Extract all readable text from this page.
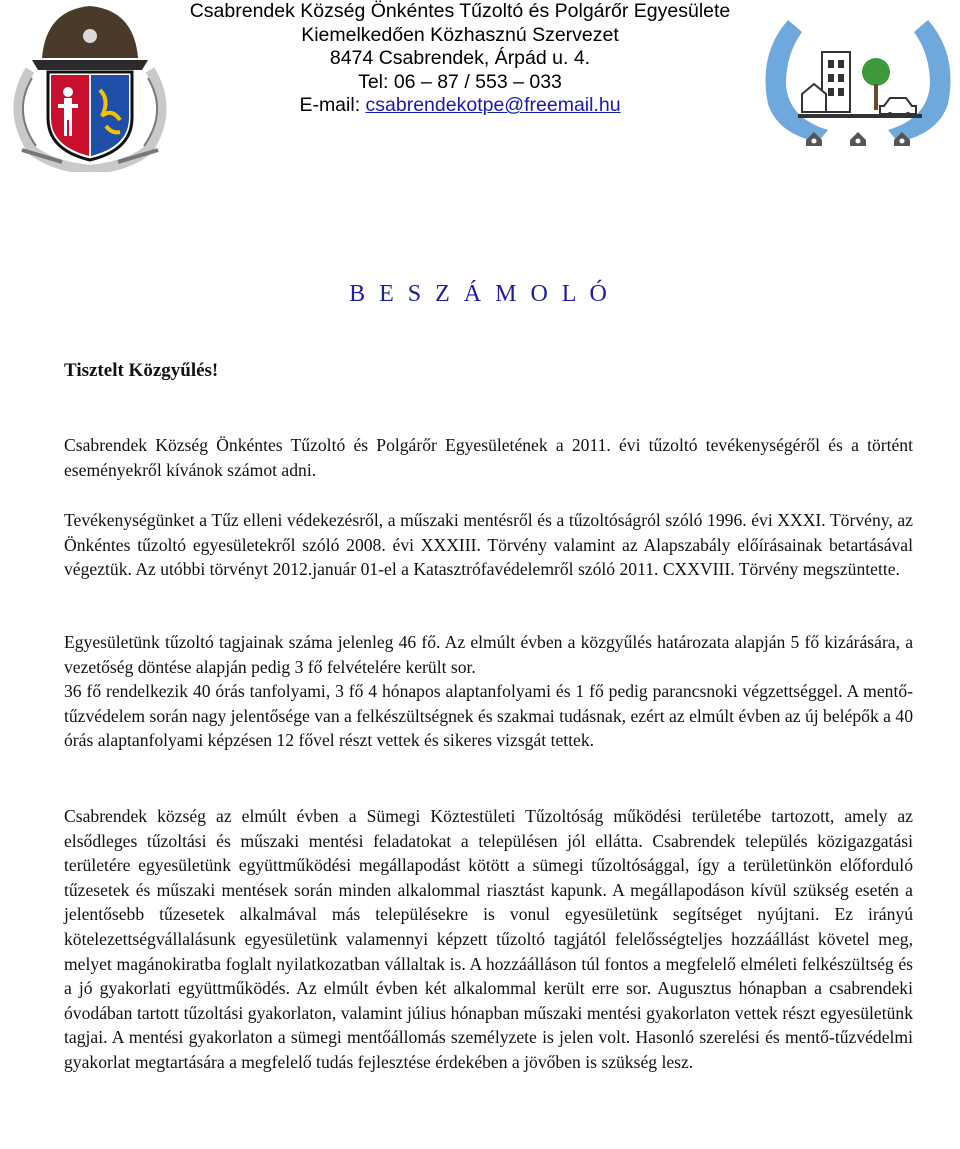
Csabrendek Község Önkéntes Tűzoltó és Polgárőr Egyesülete
Kiemelkedően Közhasznú Szervezet
8474 Csabrendek, Árpád u. 4.
Tel: 06 – 87 / 553 – 033
E-mail: csabrendekotpe@freemail.hu
B E S Z Á M O L Ó
Tisztelt Közgyűlés!

Csabrendek Község Önkéntes Tűzoltó és Polgárőr Egyesületének a 2011. évi tűzoltó tevékenységéről és a történt eseményekről kívánok számot adni.

Tevékenységünket a Tűz elleni védekezésről, a műszaki mentésről és a tűzoltóságról szóló 1996. évi XXXI. Törvény, az Önkéntes tűzoltó egyesületekről szóló 2008. évi XXXIII. Törvény valamint az Alapszabály előírásainak betartásával végeztük. Az utóbbi törvényt 2012.január 01-el a Katasztrófavédelemről szóló 2011. CXXVIII. Törvény megszüntette.

Egyesületünk tűzoltó tagjainak száma jelenleg 46 fő. Az elmúlt évben a közgyűlés határozata alapján 5 fő kizárására, a vezetőség döntése alapján pedig 3 fő felvételére került sor.

36 fő rendelkezik 40 órás tanfolyami, 3 fő 4 hónapos alaptanfolyami és 1 fő pedig parancsnoki végzettséggel. A mentő-tűzvédelem során nagy jelentősége van a felkészültségnek és szakmai tudásnak, ezért az elmúlt évben az új belépők a 40 órás alaptanfolyami képzésen 12 fővel részt vettek és sikeres vizsgát tettek.

Csabrendek község az elmúlt évben a Sümegi Köztestületi Tűzoltóság működési területébe tartozott, amely az elsődleges tűzoltási és műszaki mentési feladatokat a településen jól ellátta. Csabrendek település közigazgatási területére egyesületünk együttműködési megállapodást kötött a sümegi tűzoltósággal, így a területünkön előforduló tűzesetek és műszaki mentések során minden alkalommal riasztást kapunk. A megállapodáson kívül szükség esetén a jelentősebb tűzesetek alkalmával más településekre is vonul egyesületünk segítséget nyújtani. Ez irányú kötelezettségvállalásunk egyesületünk valamennyi képzett tűzoltó tagjától felelősségteljes hozzáállást követel meg, melyet magánokiratba foglalt nyilatkozatban vállaltak is. A hozzáállás‌on túl fontos a megfelelő elméleti felkészültség és a jó gyakorlati együttműködés. Az elmúlt évben két alkalommal került erre sor. Augusztus hónapban a csabrendeki óvodában tartott tűzoltási gyakorlaton, valamint július hónapban műszaki mentési gyakorlaton vettek részt egyesületünk tagjai. A mentési gyakorlaton a sümegi mentőállomás személyzete is jelen volt. Hasonló szerelési és mentő-tűzvédelmi gyakorlat megtartására a megfelelő tudás fejlesztése érdekében a jövőben is szükség lesz.
